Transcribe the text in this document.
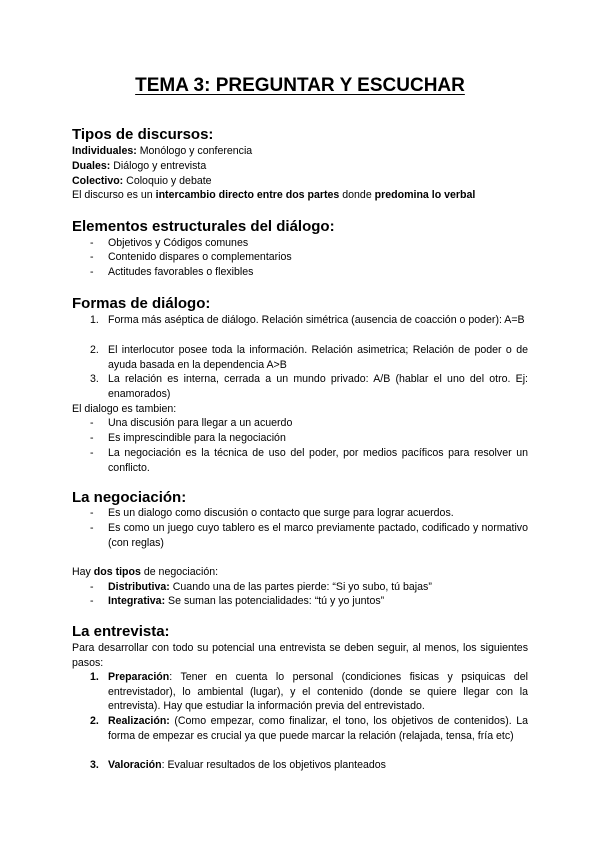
TEMA 3: PREGUNTAR Y ESCUCHAR
Tipos de discursos:
Individuales: Monólogo y conferencia
Duales: Diálogo y entrevista
Colectivo: Coloquio y debate
El discurso es un intercambio directo entre dos partes donde predomina lo verbal
Elementos estructurales del diálogo:
- Objetivos y Códigos comunes
- Contenido dispares o complementarios
- Actitudes favorables o flexibles
Formas de diálogo:
1. Forma más aséptica de diálogo. Relación simétrica (ausencia de coacción o poder): A=B
2. El interlocutor posee toda la información. Relación asimetrica; Relación de poder o de ayuda basada en la dependencia A>B
3. La relación es interna, cerrada a un mundo privado: A/B (hablar el uno del otro. Ej: enamorados)
El dialogo es tambien:
- Una discusión para llegar a un acuerdo
- Es imprescindible para la negociación
- La negociación es la técnica de uso del poder, por medios pacíficos para resolver un conflicto.
La negociación:
- Es un dialogo como discusión o contacto que surge para lograr acuerdos.
- Es como un juego cuyo tablero es el marco previamente pactado, codificado y normativo (con reglas)
Hay dos tipos de negociación:
- Distributiva: Cuando una de las partes pierde: “Si yo subo, tú bajas”
- Integrativa: Se suman las potencialidades: “tú y yo juntos”
La entrevista:
Para desarrollar con todo su potencial una entrevista se deben seguir, al menos, los siguientes pasos:
1. Preparación: Tener en cuenta lo personal (condiciones fisicas y psiquicas del entrevistador), lo ambiental (lugar), y el contenido (donde se quiere llegar con la entrevista). Hay que estudiar la información previa del entrevistado.
2. Realización: (Como empezar, como finalizar, el tono, los objetivos de contenidos). La forma de empezar es crucial ya que puede marcar la relación (relajada, tensa, fría etc)
3. Valoración: Evaluar resultados de los objetivos planteados
